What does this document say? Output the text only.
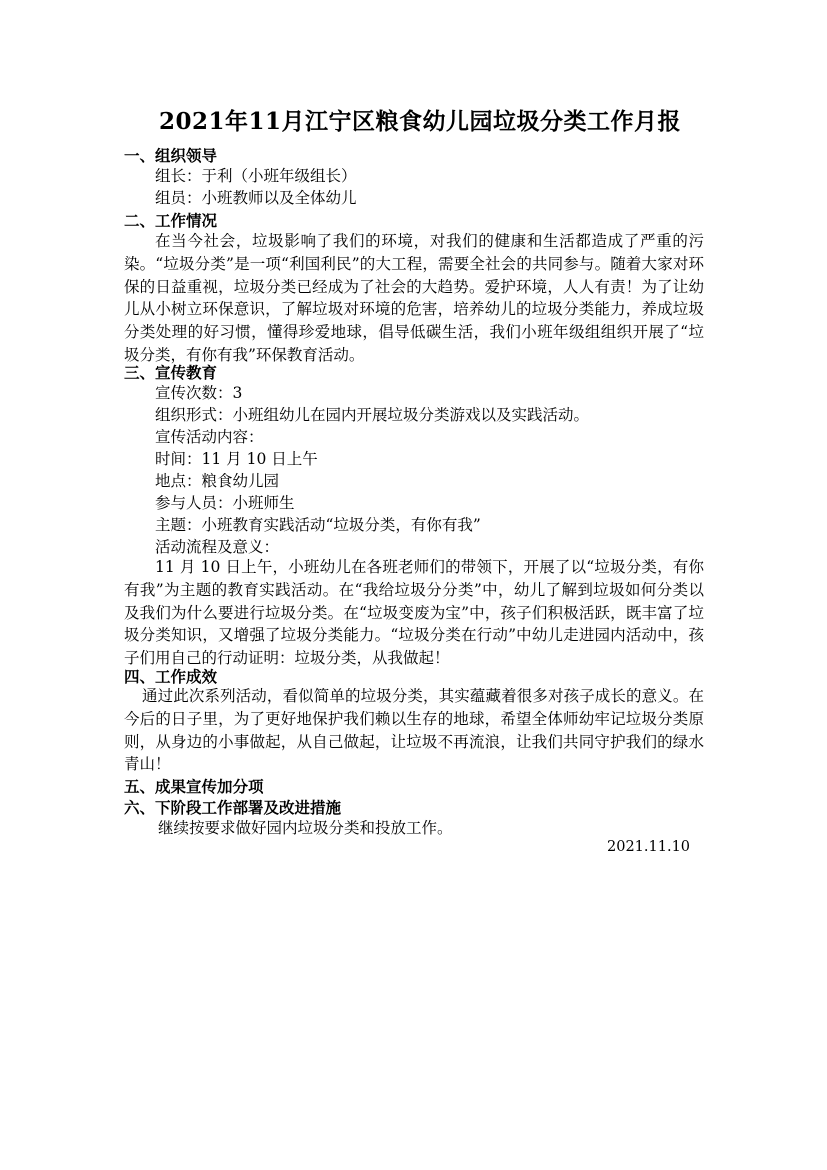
2021年11月江宁区粮食幼儿园垃圾分类工作月报
一、组织领导
组长：于利（小班年级组长）
组员：小班教师以及全体幼儿
二、工作情况
在当今社会，垃圾影响了我们的环境，对我们的健康和生活都造成了严重的污染。“垃圾分类”是一项“利国利民”的大工程，需要全社会的共同参与。随着大家对环保的日益重视，垃圾分类已经成为了社会的大趋势。爱护环境，人人有责！为了让幼儿从小树立环保意识，了解垃圾对环境的危害，培养幼儿的垃圾分类能力，养成垃圾分类处理的好习惯，懂得珍爱地球，倡导低碳生活，我们小班年级组组织开展了“垃圾分类，有你有我”环保教育活动。
三、宣传教育
宣传次数：3
组织形式：小班组幼儿在园内开展垃圾分类游戏以及实践活动。
宣传活动内容：
时间：11 月 10 日上午
地点：粮食幼儿园
参与人员：小班师生
主题：小班教育实践活动“垃圾分类，有你有我”
活动流程及意义：
11 月 10 日上午，小班幼儿在各班老师们的带领下，开展了以“垃圾分类，有你有我”为主题的教育实践活动。在“我给垃圾分分类”中，幼儿了解到垃圾如何分类以及我们为什么要进行垃圾分类。在“垃圾变废为宝”中，孩子们积极活跃，既丰富了垃圾分类知识，又增强了垃圾分类能力。“垃圾分类在行动”中幼儿走进园内活动中，孩子们用自己的行动证明：垃圾分类，从我做起！
四、工作成效
通过此次系列活动，看似简单的垃圾分类，其实蕴藏着很多对孩子成长的意义。在今后的日子里，为了更好地保护我们赖以生存的地球，希望全体师幼牢记垃圾分类原则，从身边的小事做起，从自己做起，让垃圾不再流浪，让我们共同守护我们的绿水青山！
五、成果宣传加分项
六、下阶段工作部署及改进措施
继续按要求做好园内垃圾分类和投放工作。
2021.11.10
